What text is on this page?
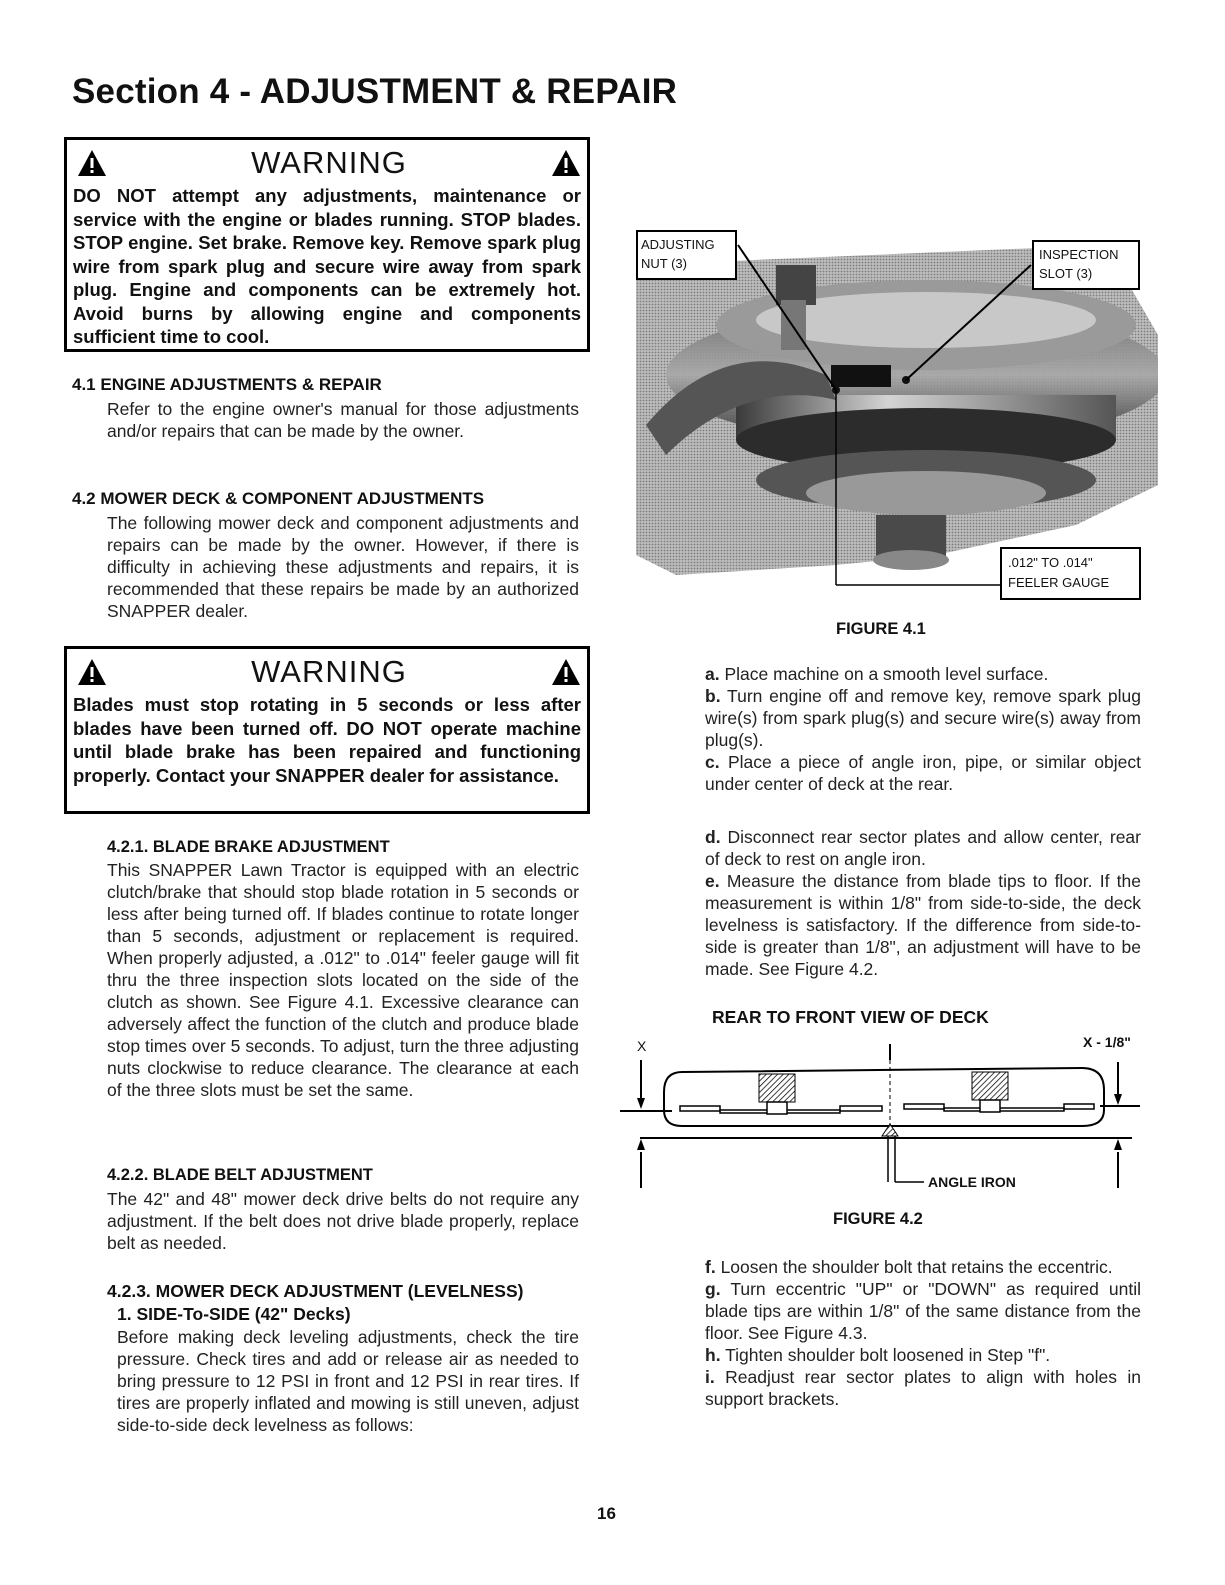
Section 4 - ADJUSTMENT & REPAIR
WARNING
DO NOT attempt any adjustments, maintenance or service with the engine or blades running. STOP blades. STOP engine. Set brake. Remove key. Remove spark plug wire from spark plug and secure wire away from spark plug. Engine and components can be extremely hot. Avoid burns by allowing engine and components sufficient time to cool.
4.1 ENGINE ADJUSTMENTS & REPAIR
Refer to the engine owner's manual for those adjustments and/or repairs that can be made by the owner.
4.2 MOWER DECK & COMPONENT ADJUSTMENTS
The following mower deck and component adjustments and repairs can be made by the owner. However, if there is difficulty in achieving these adjustments and repairs, it is recommended that these repairs be made by an authorized SNAPPER dealer.
WARNING
Blades must stop rotating in 5 seconds or less after blades have been turned off. DO NOT operate machine until blade brake has been repaired and functioning properly. Contact your SNAPPER dealer for assistance.
4.2.1. BLADE BRAKE ADJUSTMENT
This SNAPPER Lawn Tractor is equipped with an electric clutch/brake that should stop blade rotation in 5 seconds or less after being turned off. If blades continue to rotate longer than 5 seconds, adjustment or replacement is required. When properly adjusted, a .012" to .014" feeler gauge will fit thru the three inspection slots located on the side of the clutch as shown. See Figure 4.1. Excessive clearance can adversely affect the function of the clutch and produce blade stop times over 5 seconds. To adjust, turn the three adjusting nuts clockwise to reduce clearance. The clearance at each of the three slots must be set the same.
4.2.2. BLADE BELT ADJUSTMENT
The 42" and 48" mower deck drive belts do not require any adjustment. If the belt does not drive blade properly, replace belt as needed.
4.2.3. MOWER DECK ADJUSTMENT (LEVELNESS)
1. SIDE-To-SIDE (42" Decks)
Before making deck leveling adjustments, check the tire pressure. Check tires and add or release air as needed to bring pressure to 12 PSI in front and 12 PSI in rear tires. If tires are properly inflated and mowing is still uneven, adjust side-to-side deck levelness as follows:
ADJUSTING
NUT (3)
INSPECTION
SLOT (3)
.012" TO .014"
FEELER GAUGE
FIGURE 4.1
a. Place machine on a smooth level surface.
b. Turn engine off and remove key, remove spark plug wire(s) from spark plug(s) and secure wire(s) away from plug(s).
c. Place a piece of angle iron, pipe, or similar object under center of deck at the rear.
d. Disconnect rear sector plates and allow center, rear of deck to rest on angle iron.
e. Measure the distance from blade tips to floor. If the measurement is within 1/8" from side-to-side, the deck levelness is satisfactory. If the difference from side-to-side is greater than 1/8", an adjustment will have to be made. See Figure 4.2.
REAR TO FRONT VIEW OF DECK
X	X - 1/8"
ANGLE IRON
FIGURE 4.2
f. Loosen the shoulder bolt that retains the eccentric.
g. Turn eccentric "UP" or "DOWN" as required until blade tips are within 1/8" of the same distance from the floor. See Figure 4.3.
h. Tighten shoulder bolt loosened in Step "f".
i. Readjust rear sector plates to align with holes in support brackets.
16
